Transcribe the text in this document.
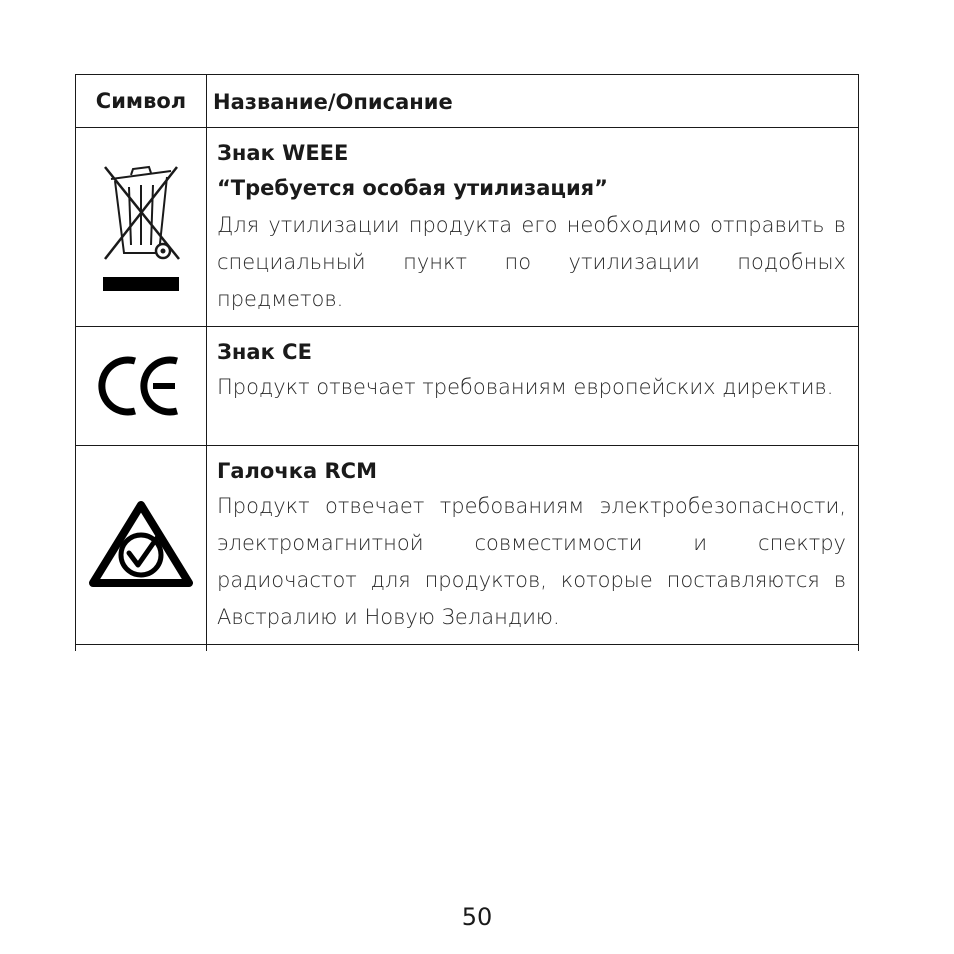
Символ	Название/Описание

Знак WEEE
“Требуется особая утилизация”
Для утилизации продукта его необходимо отправить в специальный пункт по утилизации подобных предметов.

Знак CE
Продукт отвечает требованиям европейских директив.

Галочка RCM
Продукт отвечает требованиям электробезопасности, электромагнитной совместимости и спектру радиочастот для продуктов, которые поставляются в Австралию и Новую Зеландию.

50
